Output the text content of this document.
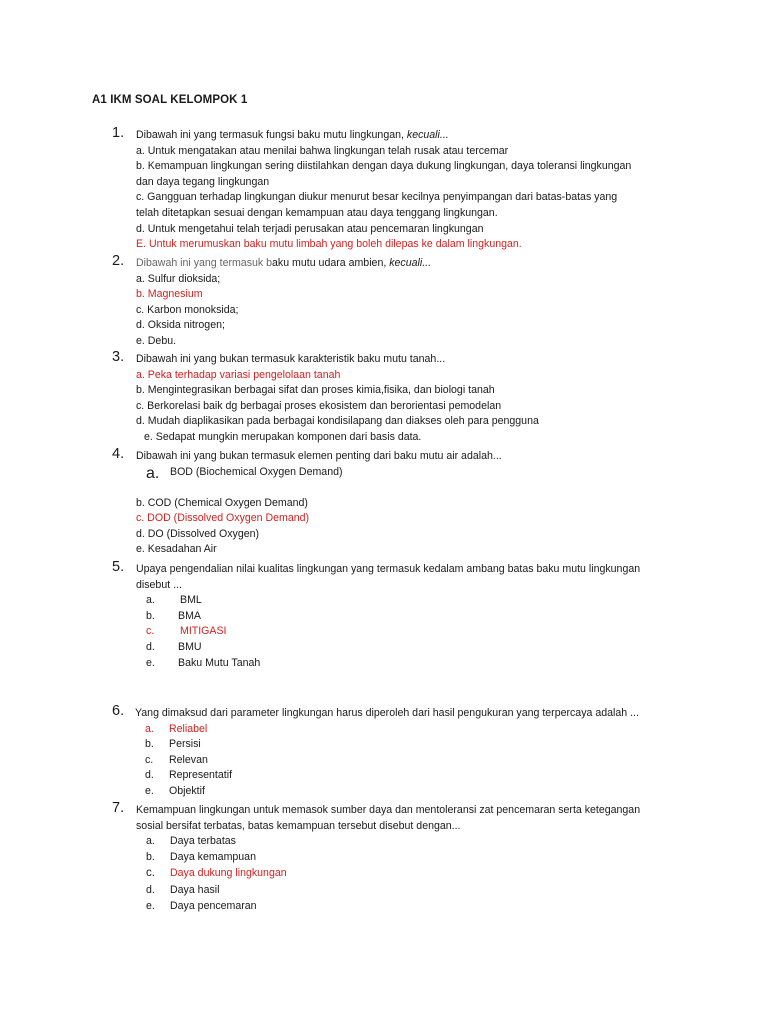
A1 IKM SOAL KELOMPOK 1
1. Dibawah ini yang termasuk fungsi baku mutu lingkungan, kecuali...

a. Untuk mengatakan atau menilai bahwa lingkungan telah rusak atau tercemar

b. Kemampuan lingkungan sering diistilahkan dengan daya dukung lingkungan, daya toleransi lingkungan

dan daya tegang lingkungan

c. Gangguan terhadap lingkungan diukur menurut besar kecilnya penyimpangan dari batas-batas yang

telah ditetapkan sesuai dengan kemampuan atau daya tenggang lingkungan.

d. Untuk mengetahui telah terjadi perusakan atau pencemaran lingkungan

E. Untuk merumuskan baku mutu limbah yang boleh dilepas ke dalam lingkungan.

2. Dibawah ini yang termasuk baku mutu udara ambien, kecuali...

a. Sulfur dioksida;

b. Magnesium

c. Karbon monoksida;

d. Oksida nitrogen;

e. Debu.

3. Dibawah ini yang bukan termasuk karakteristik baku mutu tanah...

a. Peka terhadap variasi pengelolaan tanah

b. Mengintegrasikan berbagai sifat dan proses kimia,fisika, dan biologi tanah

c. Berkorelasi baik dg berbagai proses ekosistem dan berorientasi pemodelan

d. Mudah diaplikasikan pada berbagai kondisilapang dan diakses oleh para pengguna

e. Sedapat mungkin merupakan komponen dari basis data.

4. Dibawah ini yang bukan termasuk elemen penting dari baku mutu air adalah...

a. BOD (Biochemical Oxygen Demand)

b. COD (Chemical Oxygen Demand)

c. DOD (Dissolved Oxygen Demand)

d. DO (Dissolved Oxygen)

e. Kesadahan Air

5. Upaya pengendalian nilai kualitas lingkungan yang termasuk kedalam ambang batas baku mutu lingkungan

disebut ...

a. BML
b. BMA
c. MITIGASI
d. BMU
e. Baku Mutu Tanah
6. Yang dimaksud dari parameter lingkungan harus diperoleh dari hasil pengukuran yang terpercaya adalah ...

a. Reliabel
b. Persisi
c. Relevan
d. Representatif
e. Objektif
7. Kemampuan lingkungan untuk memasok sumber daya dan mentoleransi zat pencemaran serta ketegangan

sosial bersifat terbatas, batas kemampuan tersebut disebut dengan...

a. Daya terbatas
b. Daya kemampuan
c. Daya dukung lingkungan
d. Daya hasil
e. Daya pencemaran
